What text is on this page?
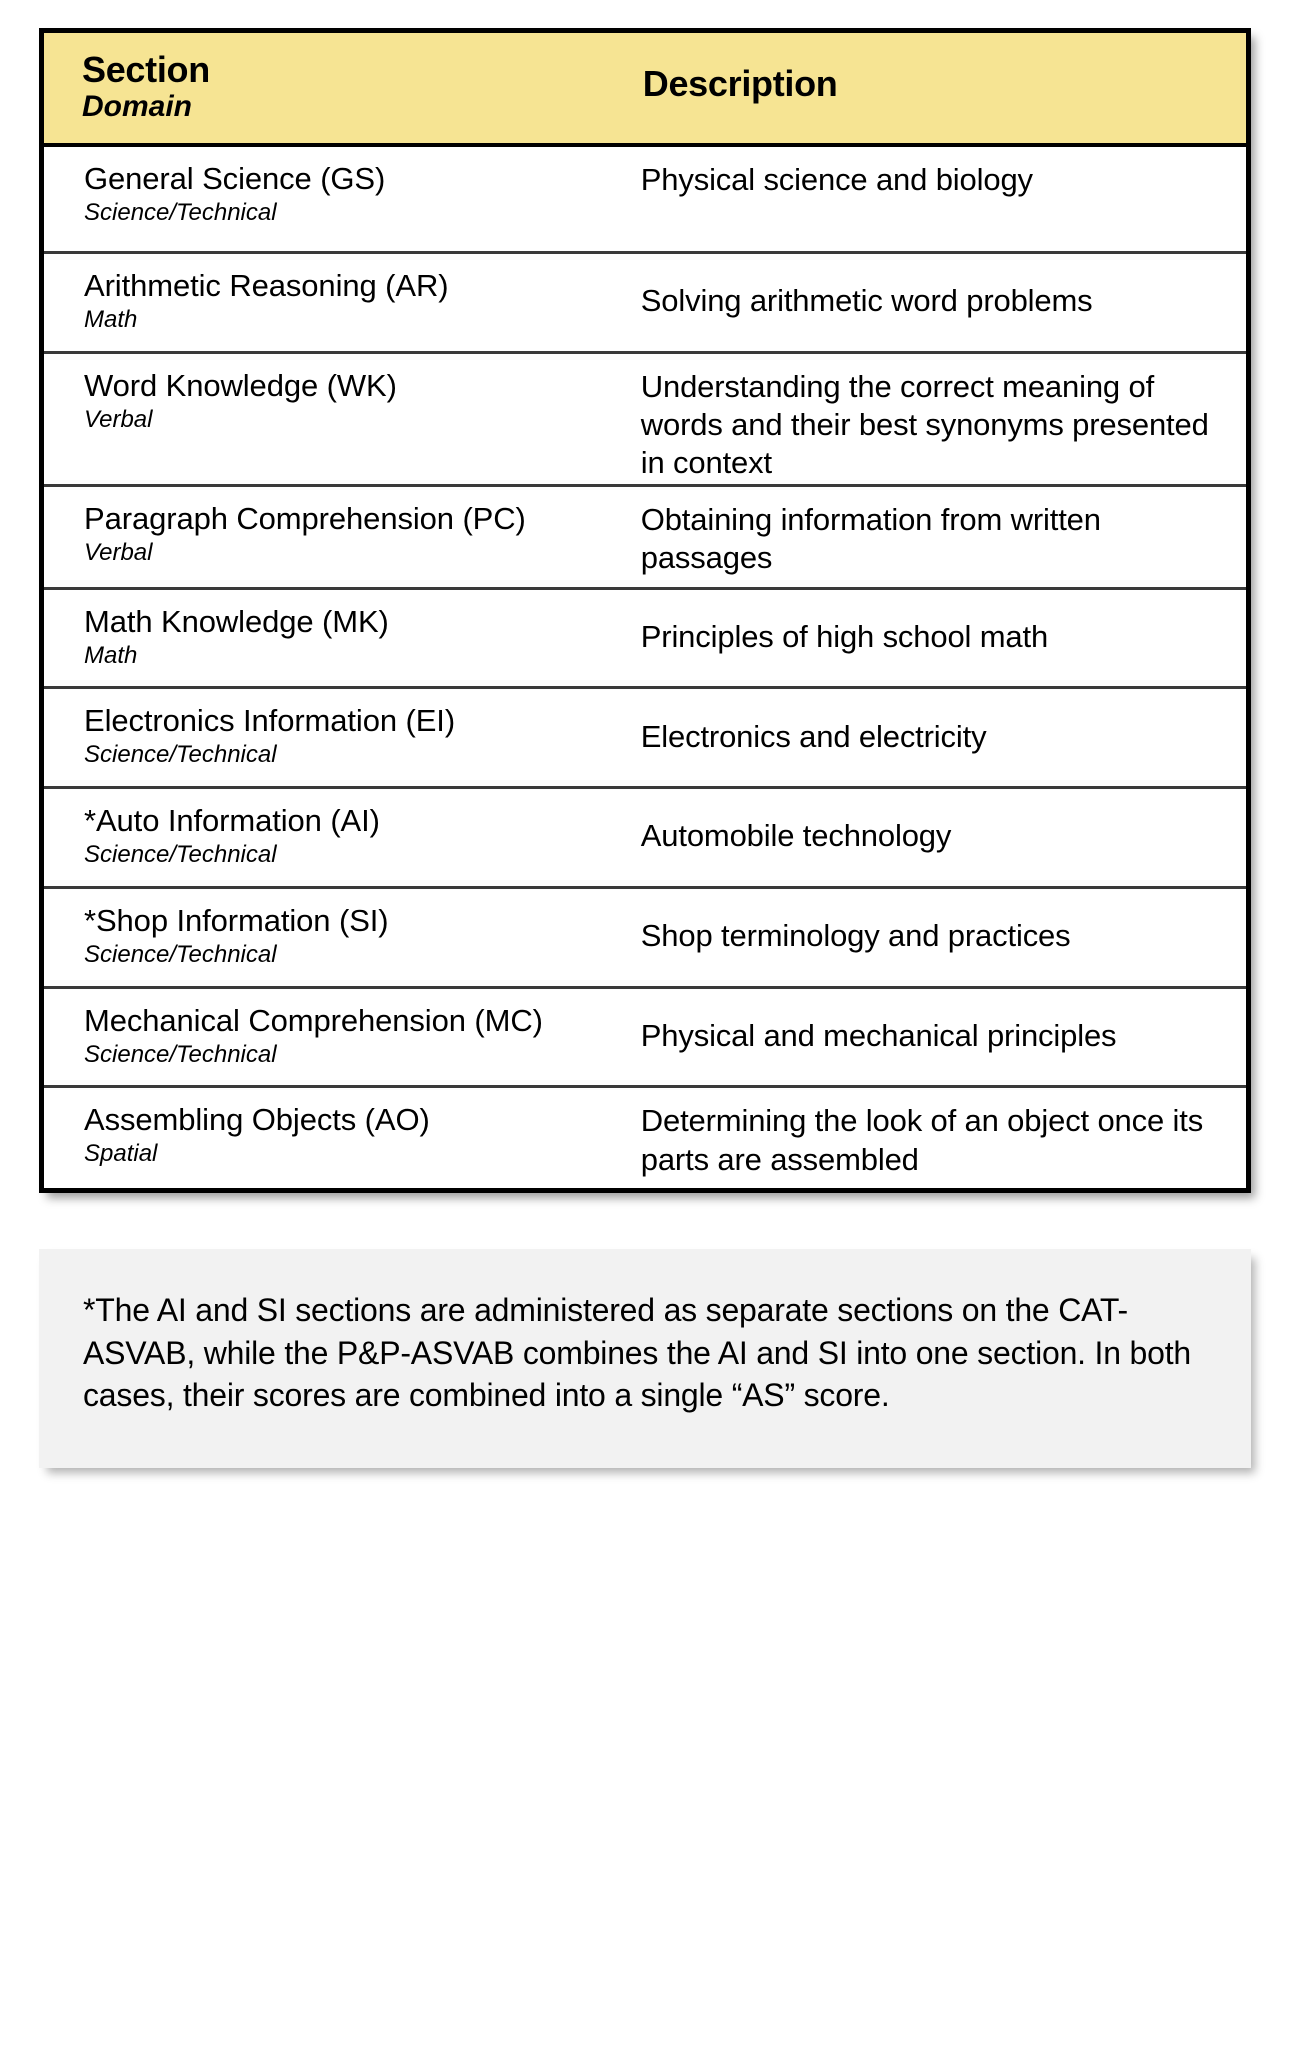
Section
Domain	Description

General Science (GS)
Science/Technical	Physical science and biology

Arithmetic Reasoning (AR)
Math	Solving arithmetic word problems

Word Knowledge (WK)
Verbal	Understanding the correct meaning of words and their best synonyms presented in context

Paragraph Comprehension (PC)
Verbal	Obtaining information from written passages

Math Knowledge (MK)
Math	Principles of high school math

Electronics Information (EI)
Science/Technical	Electronics and electricity

*Auto Information (AI)
Science/Technical	Automobile technology

*Shop Information (SI)
Science/Technical	Shop terminology and practices

Mechanical Comprehension (MC)
Science/Technical	Physical and mechanical principles

Assembling Objects (AO)
Spatial	Determining the look of an object once its parts are assembled

*The AI and SI sections are administered as separate sections on the CAT-ASVAB, while the P&P-ASVAB combines the AI and SI into one section. In both cases, their scores are combined into a single “AS” score.
